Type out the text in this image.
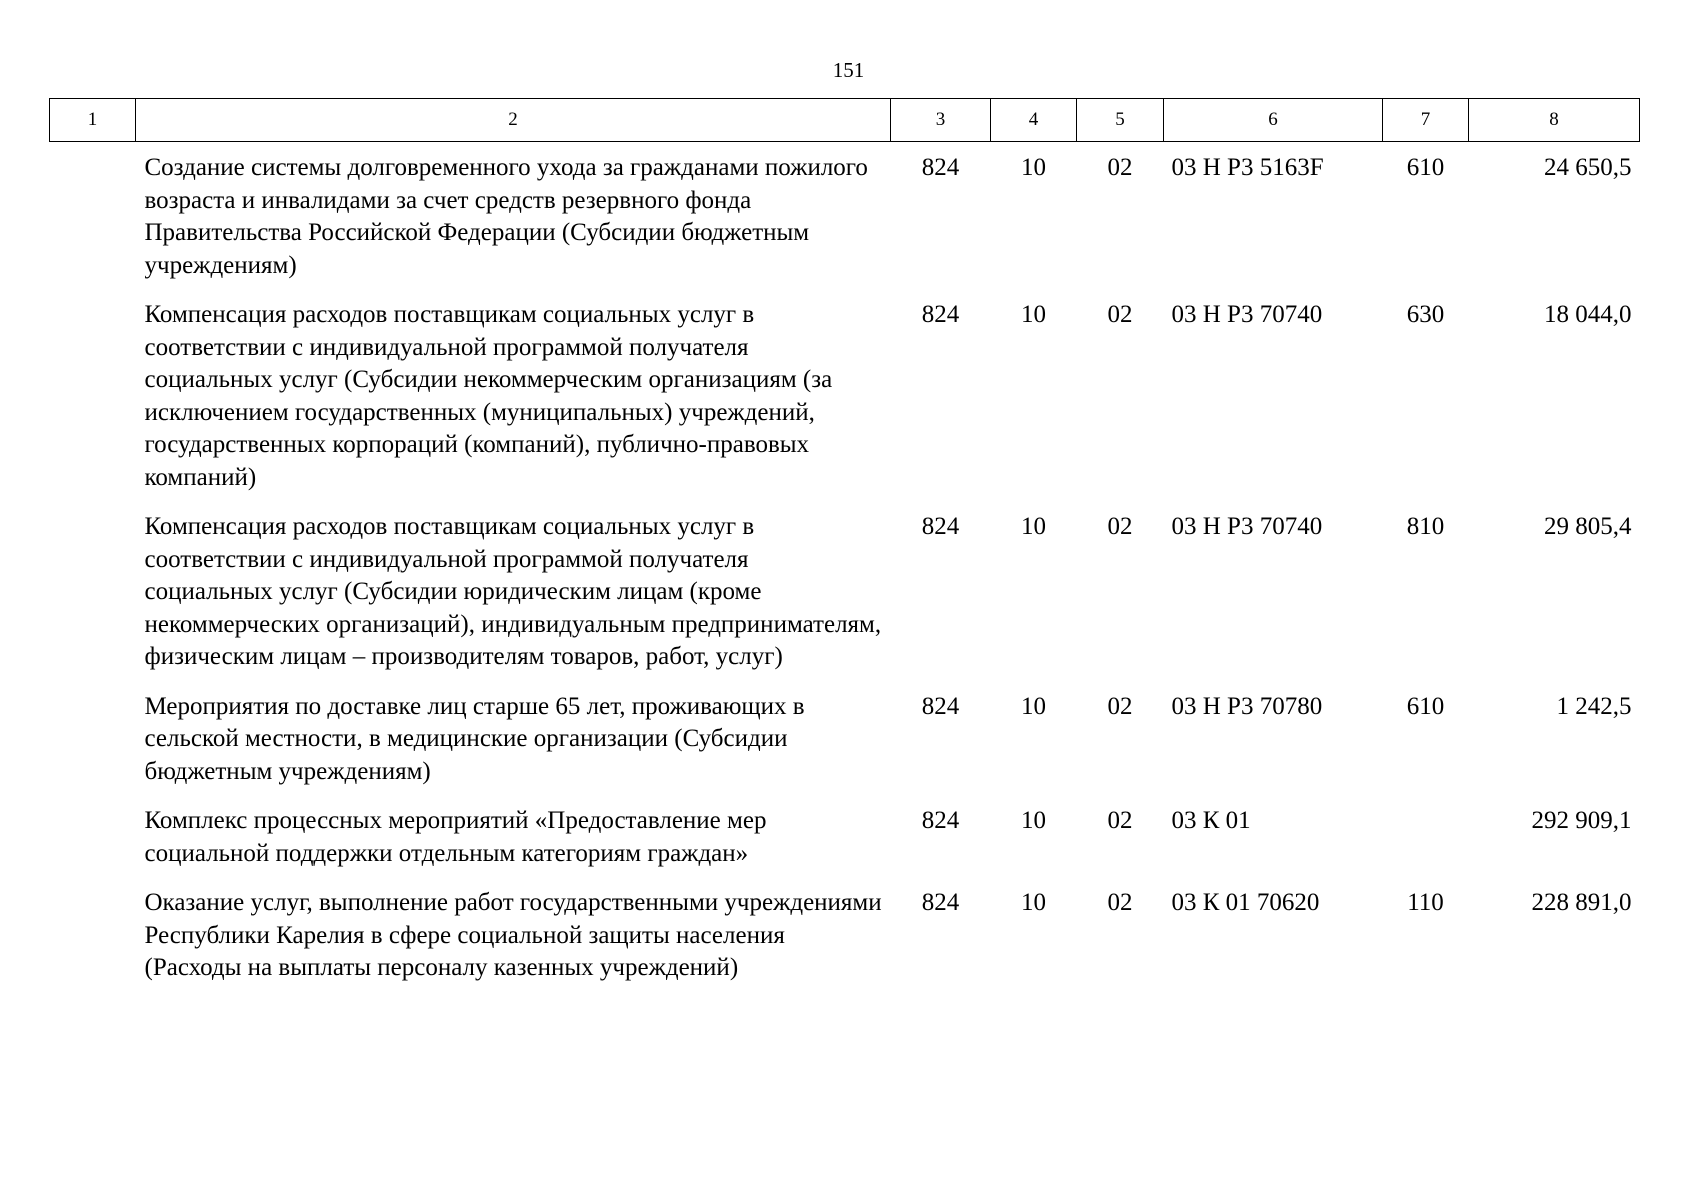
151
1	2	3	4	5	6	7	8
	Создание системы долговременного ухода за гражданами пожилого возраста и инвалидами за счет средств резервного фонда Правительства Российской Федерации (Субсидии бюджетным учреждениям)	824	10	02	03 Н Р3 5163F	610	24 650,5
	Компенсация расходов поставщикам социальных услуг в соответствии с индивидуальной программой получателя социальных услуг (Субсидии некоммерческим организациям (за исключением государственных (муниципальных) учреждений, государственных корпораций (компаний), публично-правовых компаний)	824	10	02	03 Н Р3 70740	630	18 044,0
	Компенсация расходов поставщикам социальных услуг в соответствии с индивидуальной программой получателя социальных услуг (Субсидии юридическим лицам (кроме некоммерческих организаций), индивидуальным предпринимателям, физическим лицам – производителям товаров, работ, услуг)	824	10	02	03 Н Р3 70740	810	29 805,4
	Мероприятия по доставке лиц старше 65 лет, проживающих в сельской местности, в медицинские организации (Субсидии бюджетным учреждениям)	824	10	02	03 Н Р3 70780	610	1 242,5
	Комплекс процессных мероприятий «Предоставление мер социальной поддержки отдельным категориям граждан»	824	10	02	03 К 01		292 909,1
	Оказание услуг, выполнение работ государственными учреждениями Республики Карелия в сфере социальной защиты населения (Расходы на выплаты персоналу казенных учреждений)	824	10	02	03 К 01 70620	110	228 891,0
